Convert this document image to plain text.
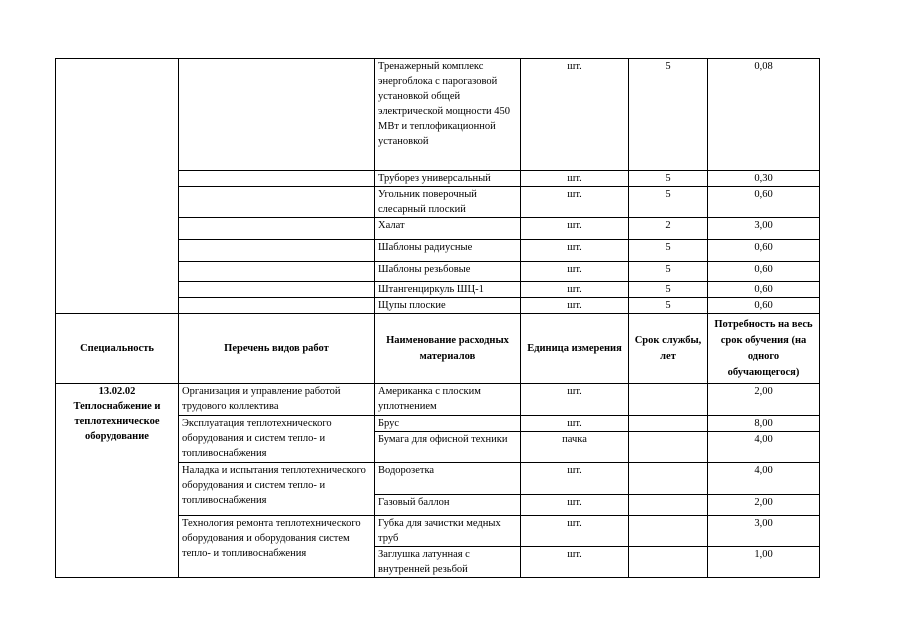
		Тренажерный комплекс энергоблока с парогазовой установкой общей электрической мощности 450 МВт и теплофикационной установкой	шт.	5	0,08
		Труборез универсальный	шт.	5	0,30
		Угольник поверочный слесарный плоский	шт.	5	0,60
		Халат	шт.	2	3,00
		Шаблоны радиусные	шт.	5	0,60
		Шаблоны резьбовые	шт.	5	0,60
		Штангенциркуль ШЦ-1	шт.	5	0,60
		Щупы плоские	шт.	5	0,60
Специальность	Перечень видов работ	Наименование расходных материалов	Единица измерения	Срок службы, лет	Потребность на весь срок обучения (на одного обучающегося)

13.02.02
Теплоснабжение и теплотехническое оборудование	Организация и управление работой трудового коллектива	Американка с плоским уплотнением	шт.		2,00
	Эксплуатация теплотехнического оборудования и систем тепло- и топливоснабжения	Брус	шт.		8,00
		Бумага для офисной техники	пачка		4,00
	Наладка и испытания теплотехнического оборудования и систем тепло- и топливоснабжения	Водорозетка	шт.		4,00
		Газовый баллон	шт.		2,00
	Технология ремонта теплотехнического оборудования и оборудования систем тепло- и топливоснабжения	Губка для зачистки медных труб	шт.		3,00
		Заглушка латунная с внутренней резьбой	шт.		1,00
